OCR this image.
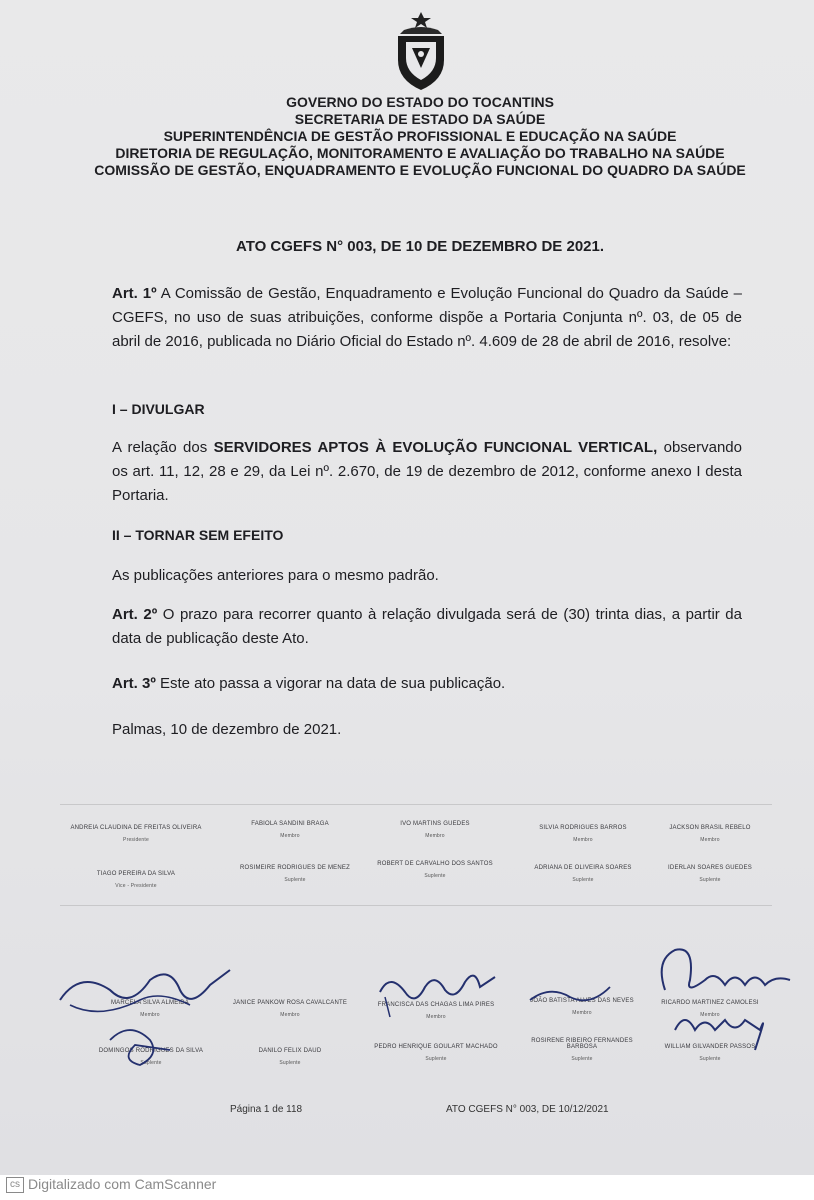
GOVERNO DO ESTADO DO TOCANTINS
SECRETARIA DE ESTADO DA SAÚDE
SUPERINTENDÊNCIA DE GESTÃO PROFISSIONAL E EDUCAÇÃO NA SAÚDE
DIRETORIA DE REGULAÇÃO, MONITORAMENTO E AVALIAÇÃO DO TRABALHO NA SAÚDE
COMISSÃO DE GESTÃO, ENQUADRAMENTO E EVOLUÇÃO FUNCIONAL DO QUADRO DA SAÚDE
ATO CGEFS N° 003, DE 10 DE DEZEMBRO DE 2021.
Art. 1º A Comissão de Gestão, Enquadramento e Evolução Funcional do Quadro da Saúde – CGEFS, no uso de suas atribuições, conforme dispõe a Portaria Conjunta nº. 03, de 05 de abril de 2016, publicada no Diário Oficial do Estado nº. 4.609 de 28 de abril de 2016, resolve:
I – DIVULGAR
A relação dos SERVIDORES APTOS À EVOLUÇÃO FUNCIONAL VERTICAL, observando os art. 11, 12, 28 e 29, da Lei nº. 2.670, de 19 de dezembro de 2012, conforme anexo I desta Portaria.
II – TORNAR SEM EFEITO
As publicações anteriores para o mesmo padrão.
Art. 2º O prazo para recorrer quanto à relação divulgada será de (30) trinta dias, a partir da data de publicação deste Ato.
Art. 3º Este ato passa a vigorar na data de sua publicação.
Palmas, 10 de dezembro de 2021.
ANDREIA CLAUDINA DE FREITAS OLIVEIRA
Presidente
FABIOLA SANDINI BRAGA
Membro
IVO MARTINS GUEDES
Membro
SILVIA RODRIGUES BARROS
Membro
JACKSON BRASIL REBELO
Membro
TIAGO PEREIRA DA SILVA
Vice - Presidente
ROSIMEIRE RODRIGUES DE MENEZ
Suplente
ROBERT DE CARVALHO DOS SANTOS
Suplente
ADRIANA DE OLIVEIRA SOARES
Suplente
IDERLAN SOARES GUEDES
Suplente
MARCELA SILVA ALMEIDA
Membro
JANICE PANKOW ROSA CAVALCANTE
Membro
FRANCISCA DAS CHAGAS LIMA PIRES
Membro
JOÃO BATISTA ALVES DAS NEVES
Membro
RICARDO MARTINEZ CAMOLESI
Membro
DOMINGOS RODRIGUES DA SILVA
Suplente
DANILO FELIX DAUD
Suplente
PEDRO HENRIQUE GOULART MACHADO
Suplente
ROSIRENE RIBEIRO FERNANDES BARBOSA
Suplente
WILLIAM GILVANDER PASSOS
Suplente
Página 1 de 118	ATO CGEFS N° 003, DE 10/12/2021
cs Digitalizado com CamScanner
